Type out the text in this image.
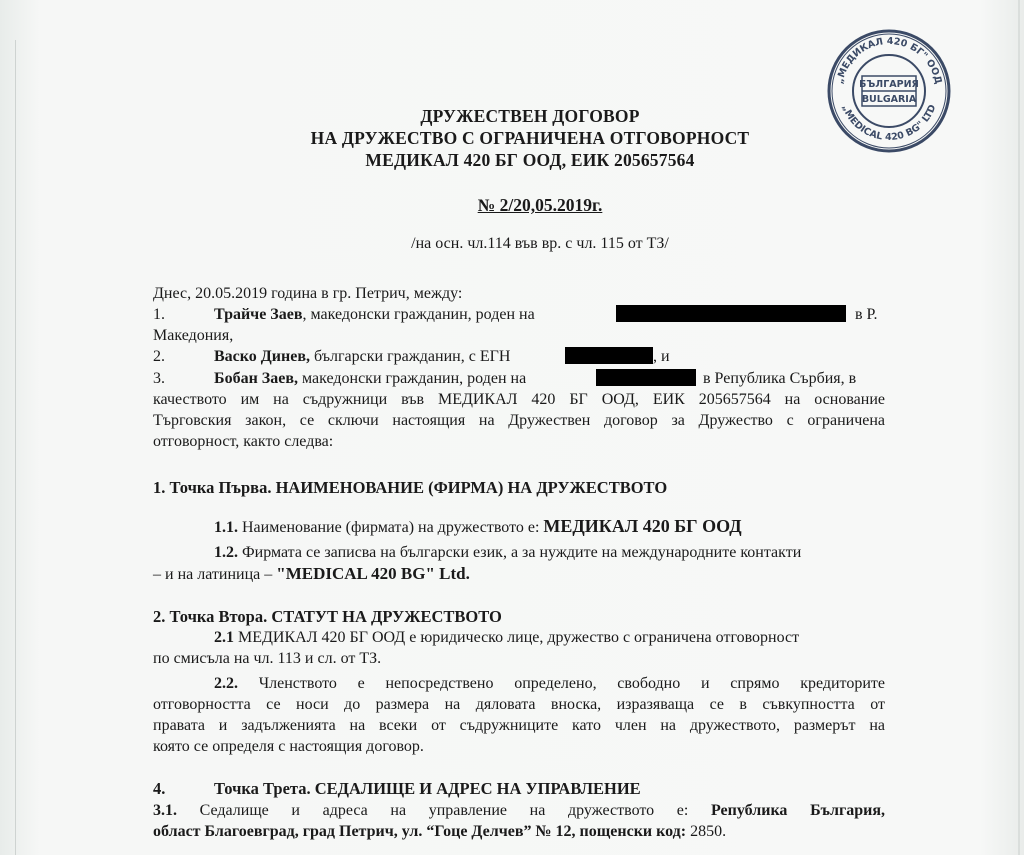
„МЕДИКАЛ 420 БГ" ООД
„MEDICAL 420 BG" LTD
БЪЛГАРИЯ
BULGARIA
ДРУЖЕСТВЕН ДОГОВОР
НА ДРУЖЕСТВО С ОГРАНИЧЕНА ОТГОВОРНОСТ
МЕДИКАЛ 420 БГ ООД, ЕИК 205657564
№ 2/20,05.2019г.
/на осн. чл.114 във вр. с чл. 115 от ТЗ/
Днес, 20.05.2019 година в гр. Петрич, между:
1.	Трайче Заев, македонски гражданин, роден на	в Р.
Македония,
2.	Васко Динев, български гражданин, с ЕГН	, и
3.	Бобан Заев, македонски гражданин, роден на	в Република Сърбия, в
качеството им на съдружници във МЕДИКАЛ 420 БГ ООД, ЕИК 205657564 на основание
Търговския закон, се сключи настоящия на Дружествен договор за Дружество с ограничена
отговорност, както следва:
1. Точка Първа. НАИМЕНОВАНИЕ (ФИРМА) НА ДРУЖЕСТВОТО
1.1. Наименование (фирмата) на дружеството е: МЕДИКАЛ 420 БГ ООД
1.2. Фирмата се записва на български език, а за нуждите на международните контакти
– и на латиница – "MEDICAL 420 BG" Ltd.
2. Точка Втора. СТАТУТ НА ДРУЖЕСТВОТО
2.1 МЕДИКАЛ 420 БГ ООД е юридическо лице, дружество с ограничена отговорност
по смисъла на чл. 113 и сл. от ТЗ.
2.2. Членството е непосредствено определено, свободно и спрямо кредиторите
отговорността се носи до размера на дяловата вноска, изразяваща се в съвкупността от
правата и задълженията на всеки от съдружниците като член на дружеството, размерът на
която се определя с настоящия договор.
4.	Точка Трета. СЕДАЛИЩЕ И АДРЕС НА УПРАВЛЕНИЕ
3.1. Седалище и адреса на управление на дружеството е: Република България,
област Благоевград, град Петрич, ул. “Гоце Делчев” № 12, пощенски код: 2850.
